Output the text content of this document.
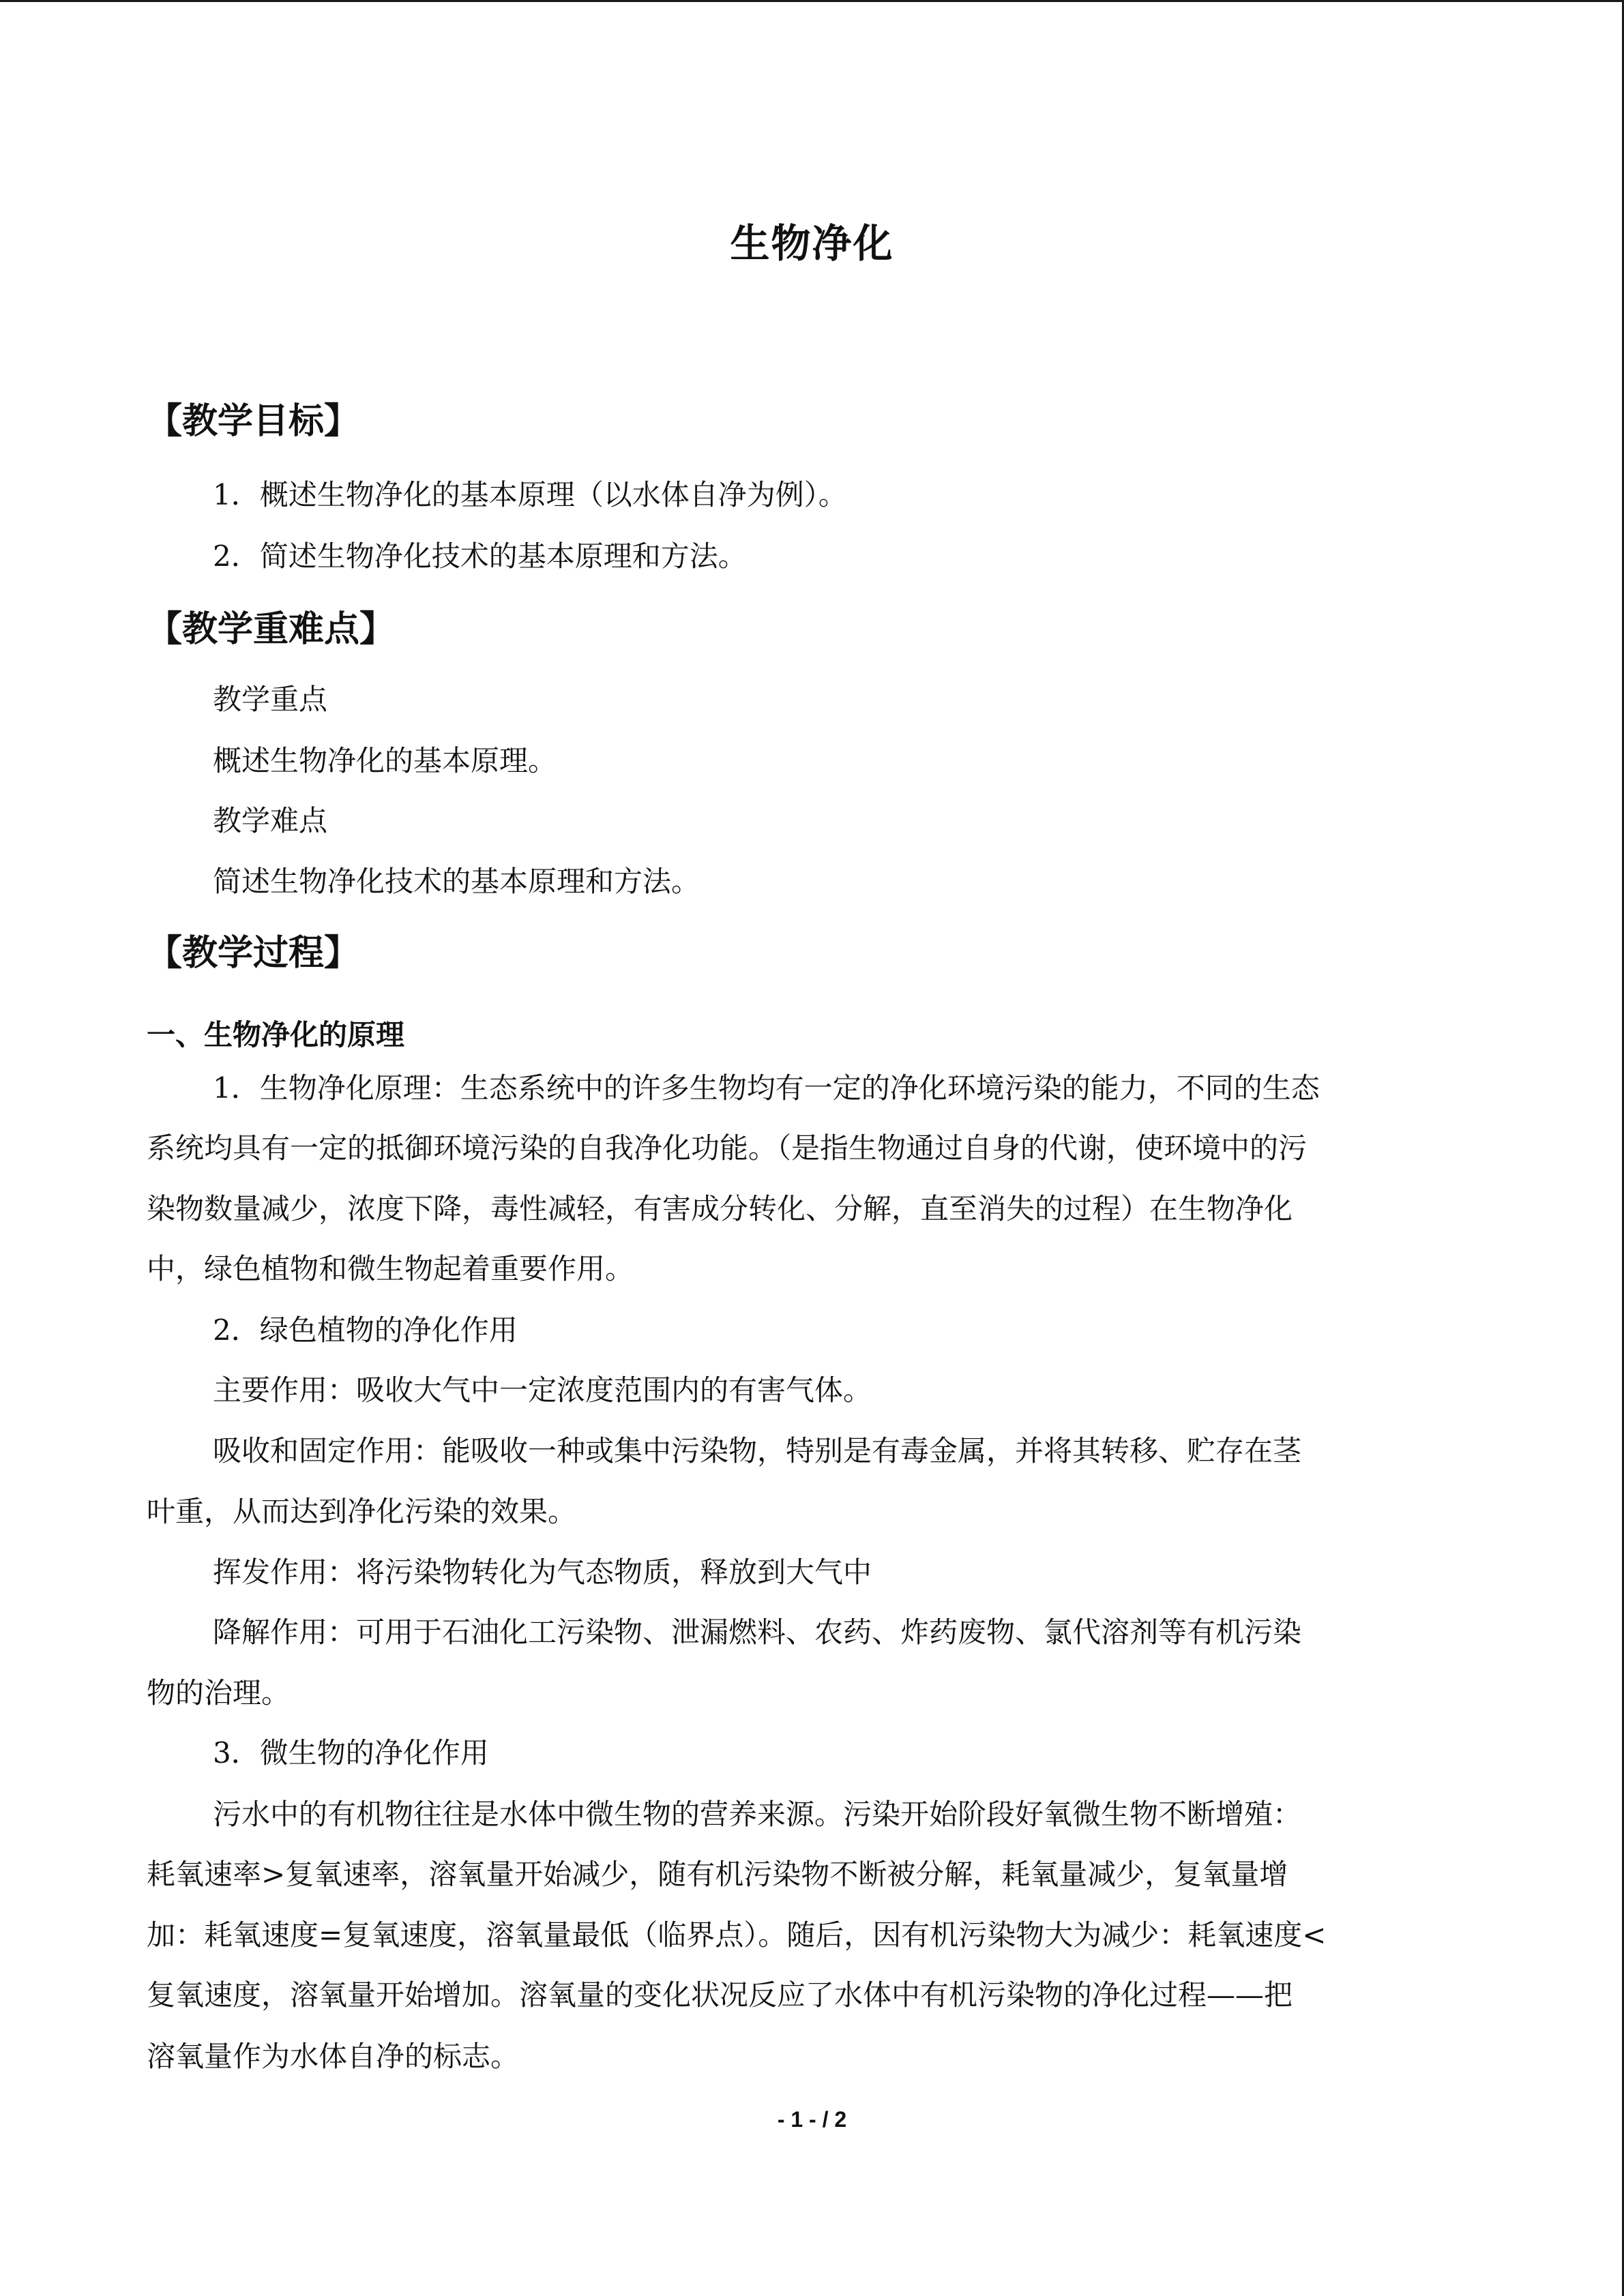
生物净化
【教学目标】
1．概述生物净化的基本原理（以水体自净为例）。
2．简述生物净化技术的基本原理和方法。
【教学重难点】
教学重点
概述生物净化的基本原理。
教学难点
简述生物净化技术的基本原理和方法。
【教学过程】
一、生物净化的原理
1．生物净化原理：生态系统中的许多生物均有一定的净化环境污染的能力，不同的生态
系统均具有一定的抵御环境污染的自我净化功能。（是指生物通过自身的代谢，使环境中的污
染物数量减少，浓度下降，毒性减轻，有害成分转化、分解，直至消失的过程）在生物净化
中，绿色植物和微生物起着重要作用。
2．绿色植物的净化作用
主要作用：吸收大气中一定浓度范围内的有害气体。
吸收和固定作用：能吸收一种或集中污染物，特别是有毒金属，并将其转移、贮存在茎
叶重，从而达到净化污染的效果。
挥发作用：将污染物转化为气态物质，释放到大气中
降解作用：可用于石油化工污染物、泄漏燃料、农药、炸药废物、氯代溶剂等有机污染
物的治理。
3．微生物的净化作用
污水中的有机物往往是水体中微生物的营养来源。污染开始阶段好氧微生物不断增殖：
耗氧速率>复氧速率，溶氧量开始减少，随有机污染物不断被分解，耗氧量减少，复氧量增
加：耗氧速度=复氧速度，溶氧量最低（临界点）。随后，因有机污染物大为减少：耗氧速度<
复氧速度，溶氧量开始增加。溶氧量的变化状况反应了水体中有机污染物的净化过程——把
溶氧量作为水体自净的标志。
- 1 - / 2
